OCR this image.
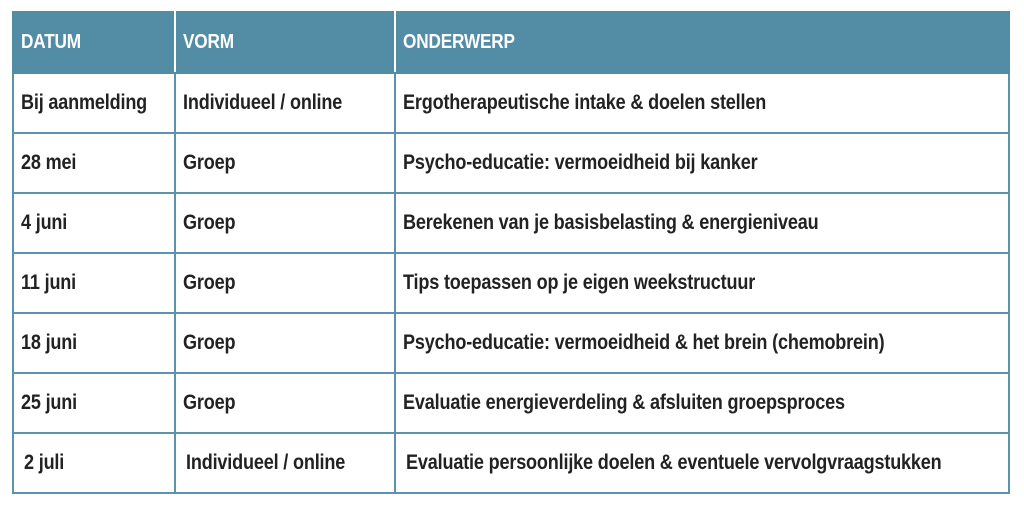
DATUM	VORM	ONDERWERP
Bij aanmelding	Individueel / online	Ergotherapeutische intake & doelen stellen
28 mei	Groep	Psycho-educatie: vermoeidheid bij kanker
4 juni	Groep	Berekenen van je basisbelasting & energieniveau
11 juni	Groep	Tips toepassen op je eigen weekstructuur
18 juni	Groep	Psycho-educatie: vermoeidheid & het brein (chemobrein)
25 juni	Groep	Evaluatie energieverdeling & afsluiten groepsproces
2 juli	Individueel / online	Evaluatie persoonlijke doelen & eventuele vervolgvraagstukken
